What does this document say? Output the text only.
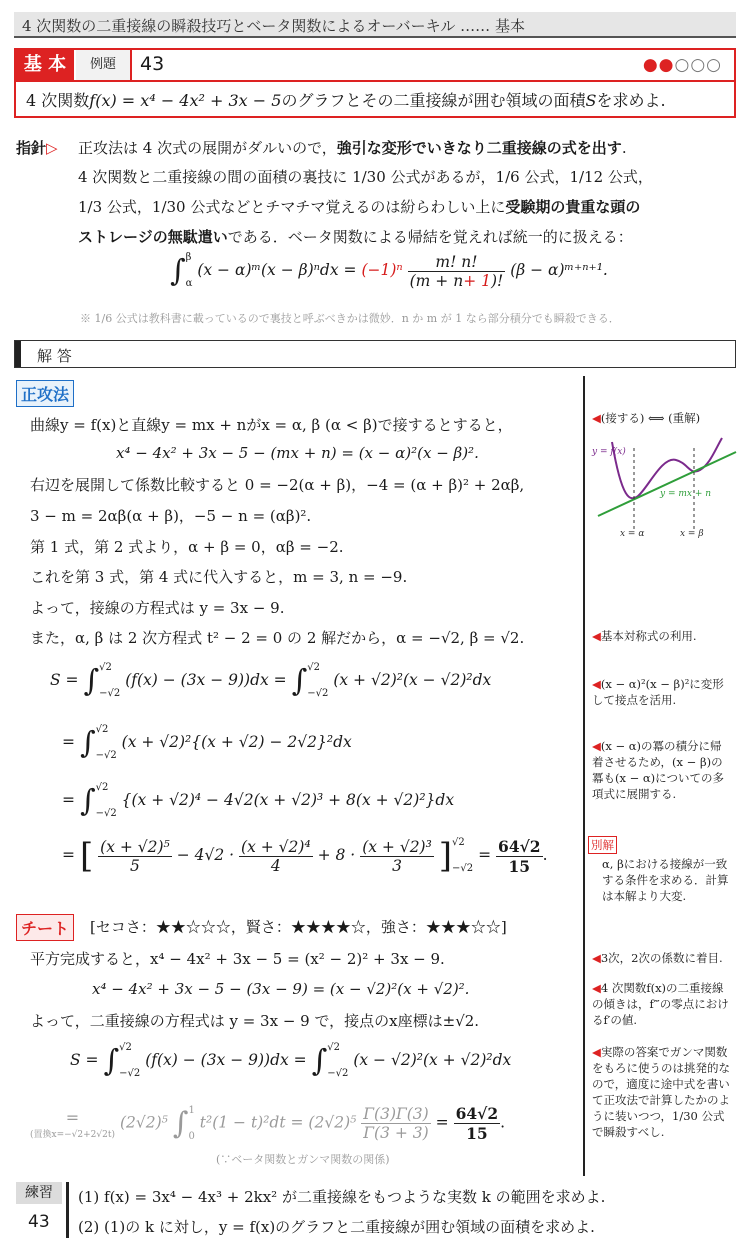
4 次関数の二重接線の瞬殺技巧とベータ関数によるオーバーキル …… 基本
基 本	例題	43	●●○○○
4 次関数f(x) = x⁴ − 4x² + 3x − 5のグラフとその二重接線が囲む領域の面積Sを求めよ.
指針▷ 正攻法は 4 次式の展開がダルいので，強引な変形でいきなり二重接線の式を出す.
4 次関数と二重接線の間の面積の裏技に 1/30 公式があるが，1/6 公式，1/12 公式，
1/3 公式，1/30 公式などとチマチマ覚えるのは紛らわしい上に受験期の貴重な頭の
ストレージの無駄遣いである．ベータ関数による帰結を覚えれば統一的に扱える：
∫ β
α
(x − α)ᵐ(x − $\beta)^ndx = (-1)^n \frac{m! n!}{(m + n+ 1)!} (\beta$ − α)ᵐ⁺ⁿ⁺¹.
※ 1/6 公式は教科書に載っているので裏技と呼ぶべきかは微妙．n か m が 1 なら部分積分でも瞬殺できる．
解 答
正攻法
曲線y = f(x)と直線y = mx + nがx = α, β (α < β)で接するとすると，
x⁴ − 4x² + 3x − 5 − (mx + n) = (x − α)²(x − β)².
右辺を展開して係数比較すると 0 = −2(α + β)，−4 = (α + β)² + 2αβ,
3 − m = 2αβ(α + β)，−5 − n = (αβ)².
第 1 式，第 2 式より，α + β = 0，αβ = −2.
これを第 3 式，第 4 式に代入すると，m = 3, n = −9.
よって，接線の方程式は y = 3x − 9.
また，α, β は 2 次方程式 t² − 2 = 0 の 2 解だから，α = −√2, β = √2.
S = ∫ √2
−√2
(f(x) − (3x − 9))dx = ∫ √2
−√2
(x + √2)²(x − √2)²dx
= ∫ √2
−√2
(x + √2)²{(x + √2) − 2√2}²dx
= ∫ √2
−√2
{(x + √2)⁴ − 4√2(x + √2)³ + 8(x + √2)²}dx
= [ $\frac{\text{(x + √2)⁵}}{5} - 4√2 \cdot \frac{\text{(x + √2)⁴}}{4} + 8 \cdot \frac{\text{(x + √2)³}}{3}$ ] √2
−√2
= $\frac{64√2}{15}$ .
チート	[セコさ：★★☆☆☆，賢さ：★★★★☆，強さ：★★★☆☆]
平方完成すると，x⁴ − 4x² + 3x − 5 = (x² − 2)² + 3x − 9.
x⁴ − 4x² + 3x − 5 − (3x − 9) = (x − √2)²(x + √2)².
よって，二重接線の方程式は y = 3x − 9 で，接点のx座標は±√2.
S = ∫ √2
−√2
(f(x) − (3x − 9))dx = ∫ √2
−√2
(x − √2)²(x + √2)²dx
=
(置換x=−√2+2√2t)
(2√2)⁵ ∫ 1
0
$t^2(1 - t)^2dt = (2√2)^5 \frac{\Gamma(3)\Gamma(3)}{\Gamma(3 + 3)} = \frac{64√2}{15}$ .
(∵ベータ関数とガンマ関数の関係)
◀(接する) ⟺ (重解)
y = f(x)
y = mx + n
x = α	x = β
◀基本対称式の利用.
◀(x − α)²(x − β)²に変形して接点を活用.
◀(x − α)の冪の積分に帰着させるため，(x − β)の冪も(x − α)についての多項式に展開する.
別解
α, βにおける接線が一致する条件を求める．計算は本解より大変.
◀3次，2次の係数に着目.
◀4 次関数f(x)の二重接線の傾きは，f‴の零点におけるf′の値.
◀実際の答案でガンマ関数をもろに使うのは挑発的なので，適度に途中式を書いて正攻法で計算したかのように装いつつ，1/30 公式で瞬殺すべし.
練習
43
(1) f(x) = 3x⁴ − 4x³ + 2kx² が二重接線をもつような実数 k の範囲を求めよ.
(2) (1)の k に対し，y = f(x)のグラフと二重接線が囲む領域の面積を求めよ.
